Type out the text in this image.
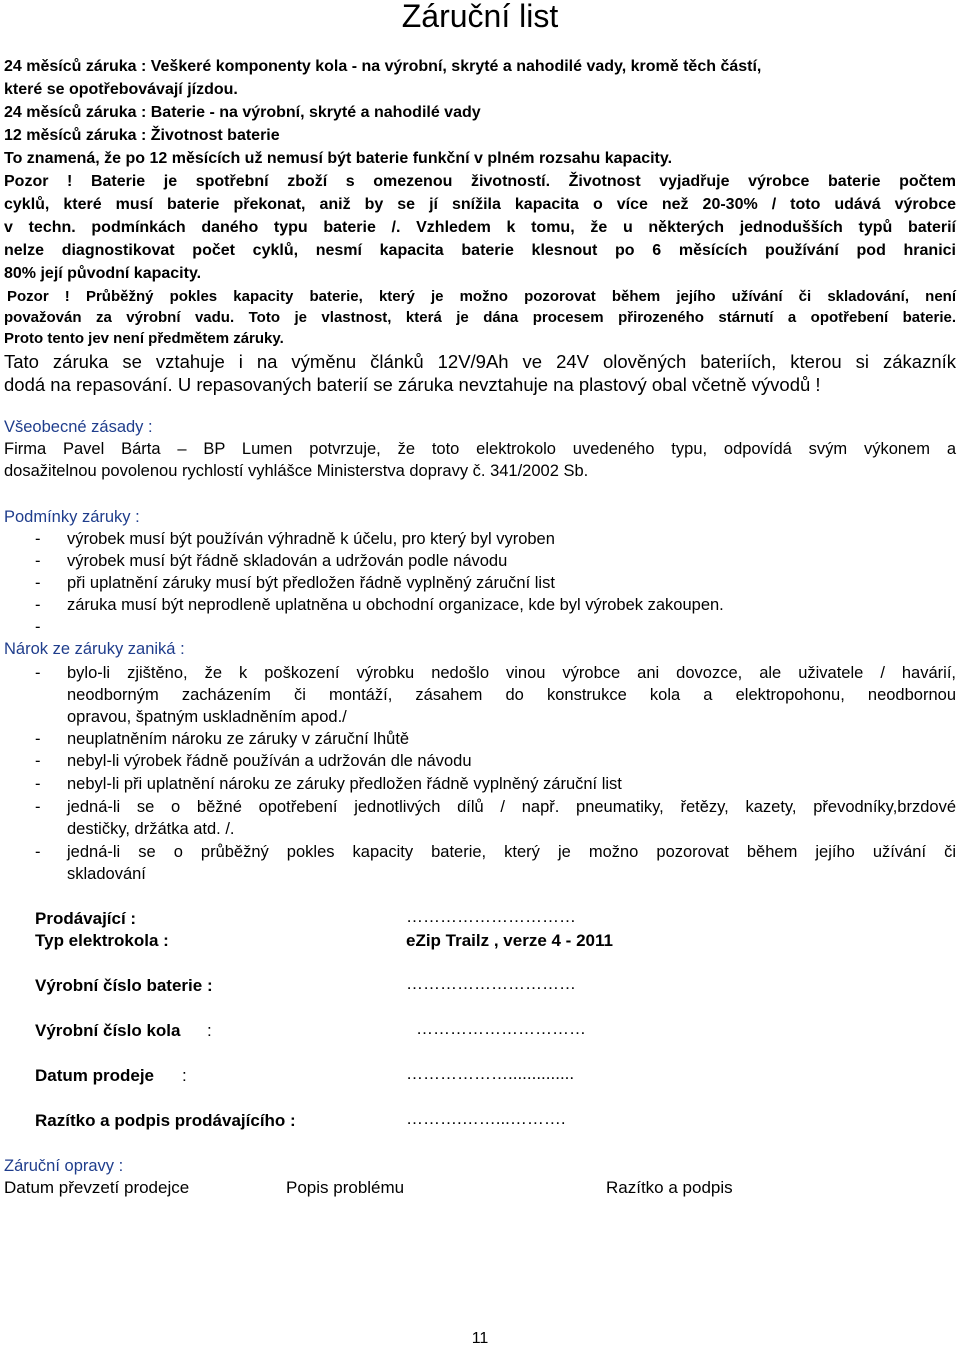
Záruční list
24 měsíců záruka : Veškeré komponenty kola - na výrobní, skryté a nahodilé vady, kromě těch částí,
které se opotřebovávají jízdou.
24 měsíců záruka : Baterie - na výrobní, skryté a nahodilé vady
12 měsíců záruka : Životnost baterie
To znamená, že po 12 měsících už nemusí být baterie funkční v plném rozsahu kapacity.
Pozor ! Baterie je spotřební zboží s omezenou životností. Životnost vyjadřuje výrobce baterie počtem
cyklů, které musí baterie překonat, aniž by se jí snížila kapacita o více než 20-30% / toto udává výrobce
v techn. podmínkách daného typu baterie /. Vzhledem k tomu, že u některých jednodušších typů baterií
nelze diagnostikovat počet cyklů, nesmí kapacita baterie klesnout po 6 měsících používání pod hranici
80% její původní kapacity.
Pozor ! Průběžný pokles kapacity baterie, který je možno pozorovat během jejího užívání či skladování, není
považován za výrobní vadu. Toto je vlastnost, která je dána procesem přirozeného stárnutí a opotřebení baterie.
Proto tento jev není předmětem záruky.
Tato záruka se vztahuje i na výměnu článků 12V/9Ah ve 24V olověných bateriích, kterou si zákazník
dodá na repasování. U repasovaných baterií se záruka nevztahuje na plastový obal včetně vývodů !
Všeobecné zásady :
Firma Pavel Bárta – BP Lumen potvrzuje, že toto elektrokolo uvedeného typu, odpovídá svým výkonem a
dosažitelnou povolenou rychlostí vyhlášce Ministerstva dopravy č. 341/2002 Sb.
Podmínky záruky :
- výrobek musí být používán výhradně k účelu, pro který byl vyroben
- výrobek musí být řádně skladován a udržován podle návodu
- při uplatnění záruky musí být předložen řádně vyplněný záruční list
- záruka musí být neprodleně uplatněna u obchodní organizace, kde byl výrobek zakoupen.
-
Nárok ze záruky zaniká :
- bylo-li zjištěno, že k poškození výrobku nedošlo vinou výrobce ani dovozce, ale uživatele / havárií,
neodborným zacházením či montáží, zásahem do konstrukce kola a elektropohonu, neodbornou
opravou, špatným uskladněním apod./
- neuplatněním nároku ze záruky v záruční lhůtě
- nebyl-li výrobek řádně používán a udržován dle návodu
- nebyl-li při uplatnění nároku ze záruky předložen řádně vyplněný záruční list
- jedná-li se o běžné opotřebení jednotlivých dílů / např. pneumatiky, řetězy, kazety, převodníky,brzdové
destičky, držátka atd. /.
- jedná-li se o průběžný pokles kapacity baterie, který je možno pozorovat během jejího užívání či
skladování
Prodávající :	…………………………
Typ elektrokola :	eZip Trailz , verze 4 - 2011
Výrobní číslo baterie :	…………………………
Výrobní číslo kola :	…………………………
Datum prodeje :	………………..............
Razítko a podpis prodávajícího :	……….……...……….
Záruční opravy :
Datum převzetí prodejce	Popis problému	Razítko a podpis
11
